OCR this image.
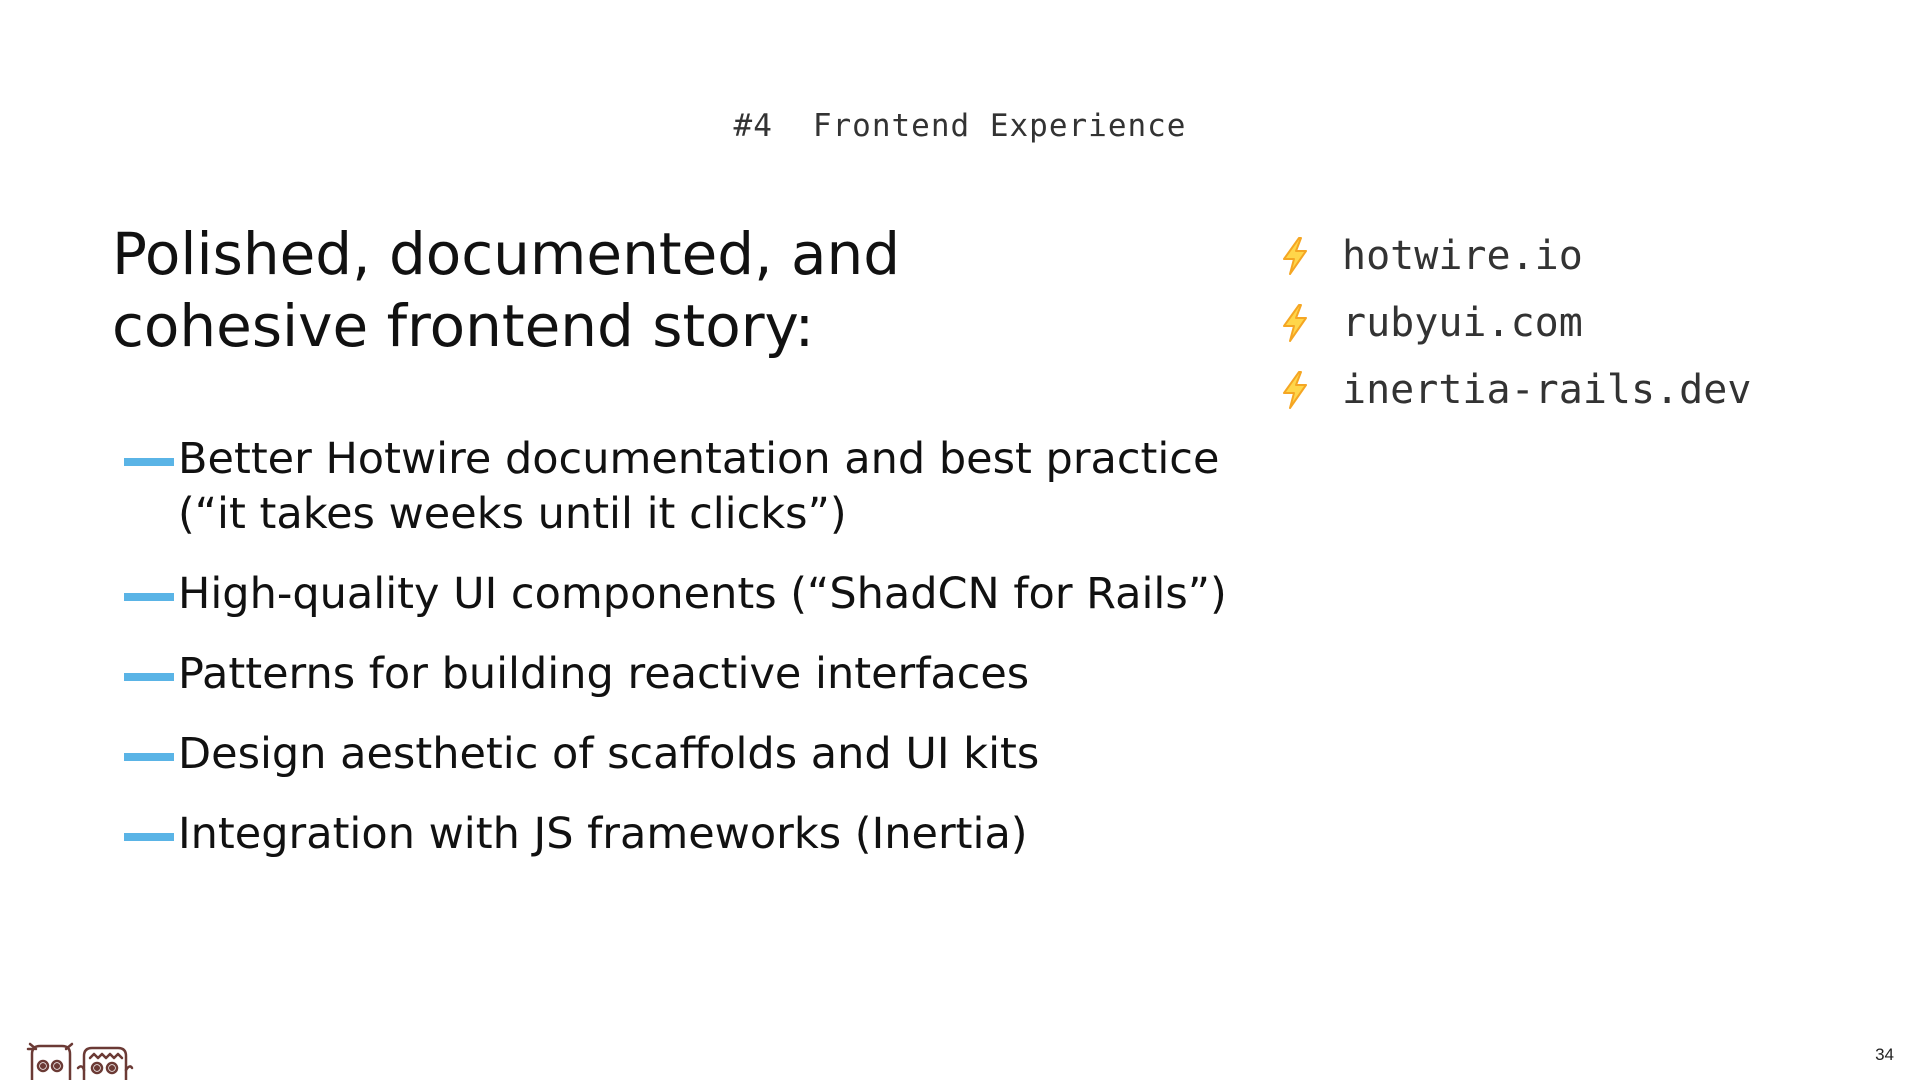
#4 Frontend Experience
Polished, documented, and
cohesive frontend story:
Better Hotwire documentation and best practice (“it takes weeks until it clicks”)
High-quality UI components (“ShadCN for Rails”)
Patterns for building reactive interfaces
Design aesthetic of scaffolds and UI kits
Integration with JS frameworks (Inertia)
hotwire.io
rubyui.com
inertia-rails.dev
34
